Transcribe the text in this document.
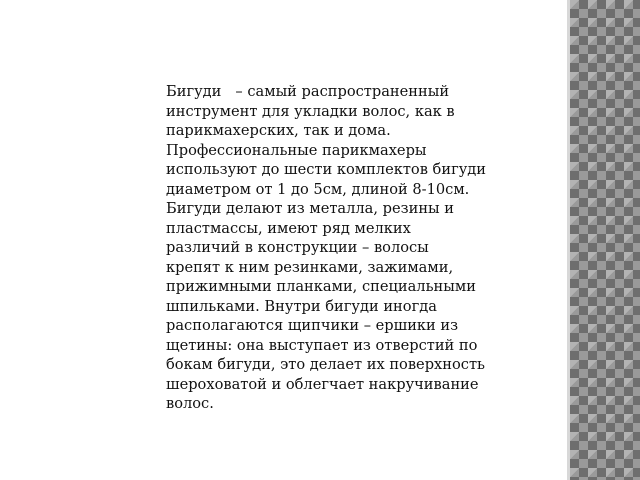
Бигуди – самый распространенный инструмент для укладки волос, как в парикмахерских, так и дома. Профессиональные парикмахеры используют до шести комплектов бигуди диаметром от 1 до 5см, длиной 8-10см. Бигуди делают из металла, резины и пластмассы, имеют ряд мелких различий в конструкции – волосы крепят к ним резинками, зажимами, прижимными планками, специальными шпильками. Внутри бигуди иногда располагаются щипчики – ершики из щетины: она выступает из отверстий по бокам бигуди, это делает их поверхность шероховатой и облегчает накручивание волос.
